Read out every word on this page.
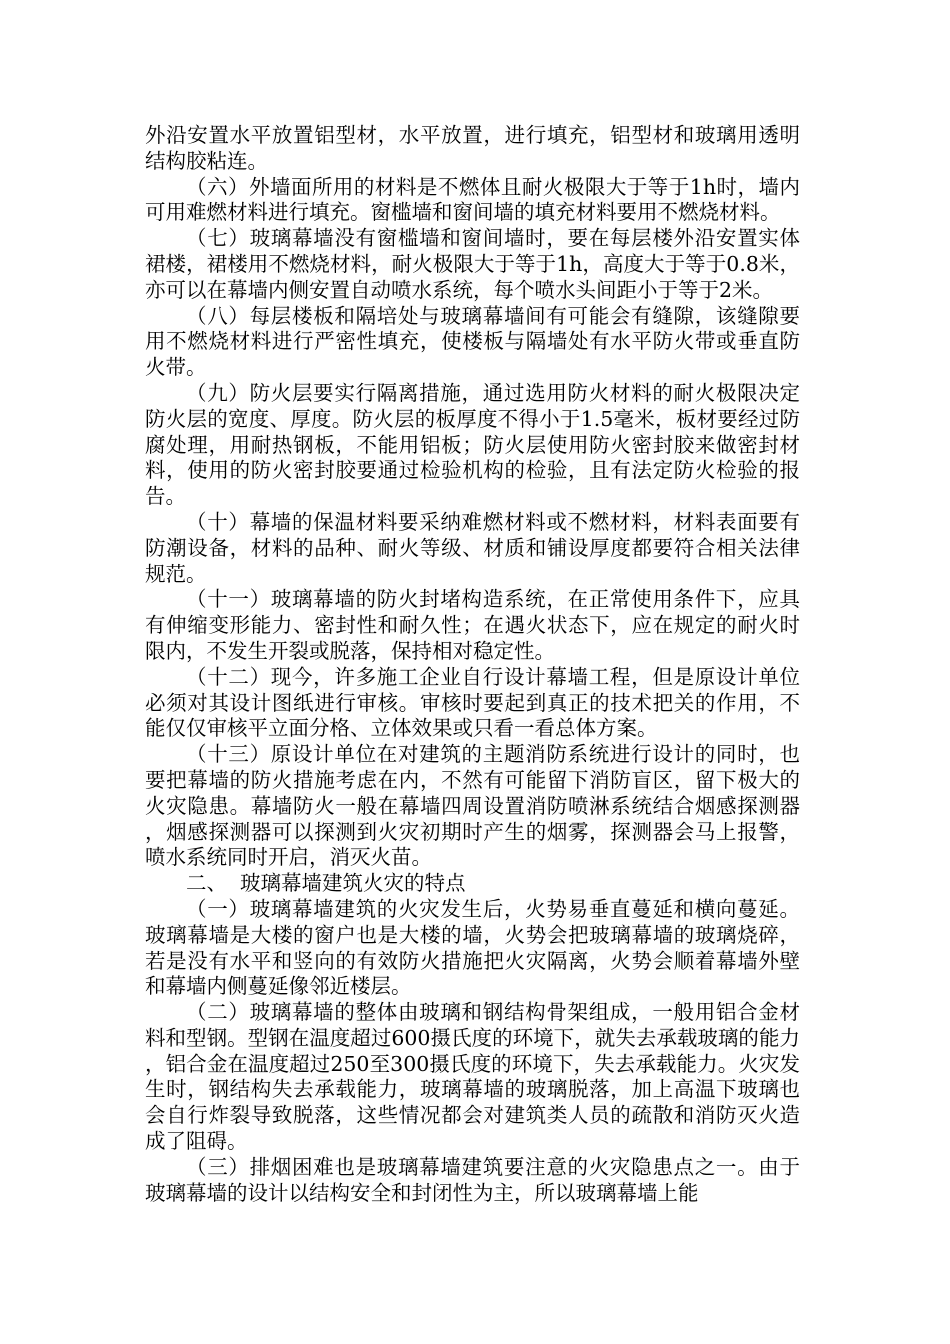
外沿安置水平放置铝型材，水平放置，进行填充，铝型材和玻璃用透明结构胶粘连。

（六）外墙面所用的材料是不燃体且耐火极限大于等于1h时，墙内可用难燃材料进行填充。窗槛墙和窗间墙的填充材料要用不燃烧材料。

（七）玻璃幕墙没有窗槛墙和窗间墙时，要在每层楼外沿安置实体裙楼，裙楼用不燃烧材料，耐火极限大于等于1h，高度大于等于0.8米，亦可以在幕墙内侧安置自动喷水系统，每个喷水头间距小于等于2米。

（八）每层楼板和隔培处与玻璃幕墙间有可能会有缝隙，该缝隙要用不燃烧材料进行严密性填充，使楼板与隔墙处有水平防火带或垂直防火带。

（九）防火层要实行隔离措施，通过选用防火材料的耐火极限决定防火层的宽度、厚度。防火层的板厚度不得小于1.5毫米，板材要经过防腐处理，用耐热钢板，不能用铝板；防火层使用防火密封胶来做密封材料，使用的防火密封胶要通过检验机构的检验，且有法定防火检验的报告。

（十）幕墙的保温材料要采纳难燃材料或不燃材料，材料表面要有防潮设备，材料的品种、耐火等级、材质和铺设厚度都要符合相关法律规范。

（十一）玻璃幕墙的防火封堵构造系统，在正常使用条件下，应具有伸缩变形能力、密封性和耐久性；在遇火状态下，应在规定的耐火时限内，不发生开裂或脱落，保持相对稳定性。

（十二）现今，许多施工企业自行设计幕墙工程，但是原设计单位必须对其设计图纸进行审核。审核时要起到真正的技术把关的作用，不能仅仅审核平立面分格、立体效果或只看一看总体方案。

（十三）原设计单位在对建筑的主题消防系统进行设计的同时，也要把幕墙的防火措施考虑在内，不然有可能留下消防盲区，留下极大的火灾隐患。幕墙防火一般在幕墙四周设置消防喷淋系统结合烟感探测器，烟感探测器可以探测到火灾初期时产生的烟雾，探测器会马上报警，喷水系统同时开启，消灭火苗。

二、  玻璃幕墙建筑火灾的特点

（一）玻璃幕墙建筑的火灾发生后，火势易垂直蔓延和横向蔓延。玻璃幕墙是大楼的窗户也是大楼的墙，火势会把玻璃幕墙的玻璃烧碎，若是没有水平和竖向的有效防火措施把火灾隔离，火势会顺着幕墙外壁和幕墙内侧蔓延像邻近楼层。

（二）玻璃幕墙的整体由玻璃和钢结构骨架组成，一般用铝合金材料和型钢。型钢在温度超过600摄氏度的环境下，就失去承载玻璃的能力，铝合金在温度超过250至300摄氏度的环境下，失去承载能力。火灾发生时，钢结构失去承载能力，玻璃幕墙的玻璃脱落，加上高温下玻璃也会自行炸裂导致脱落，这些情况都会对建筑类人员的疏散和消防灭火造成了阻碍。

（三）排烟困难也是玻璃幕墙建筑要注意的火灾隐患点之一。由于玻璃幕墙的设计以结构安全和封闭性为主，所以玻璃幕墙上能
